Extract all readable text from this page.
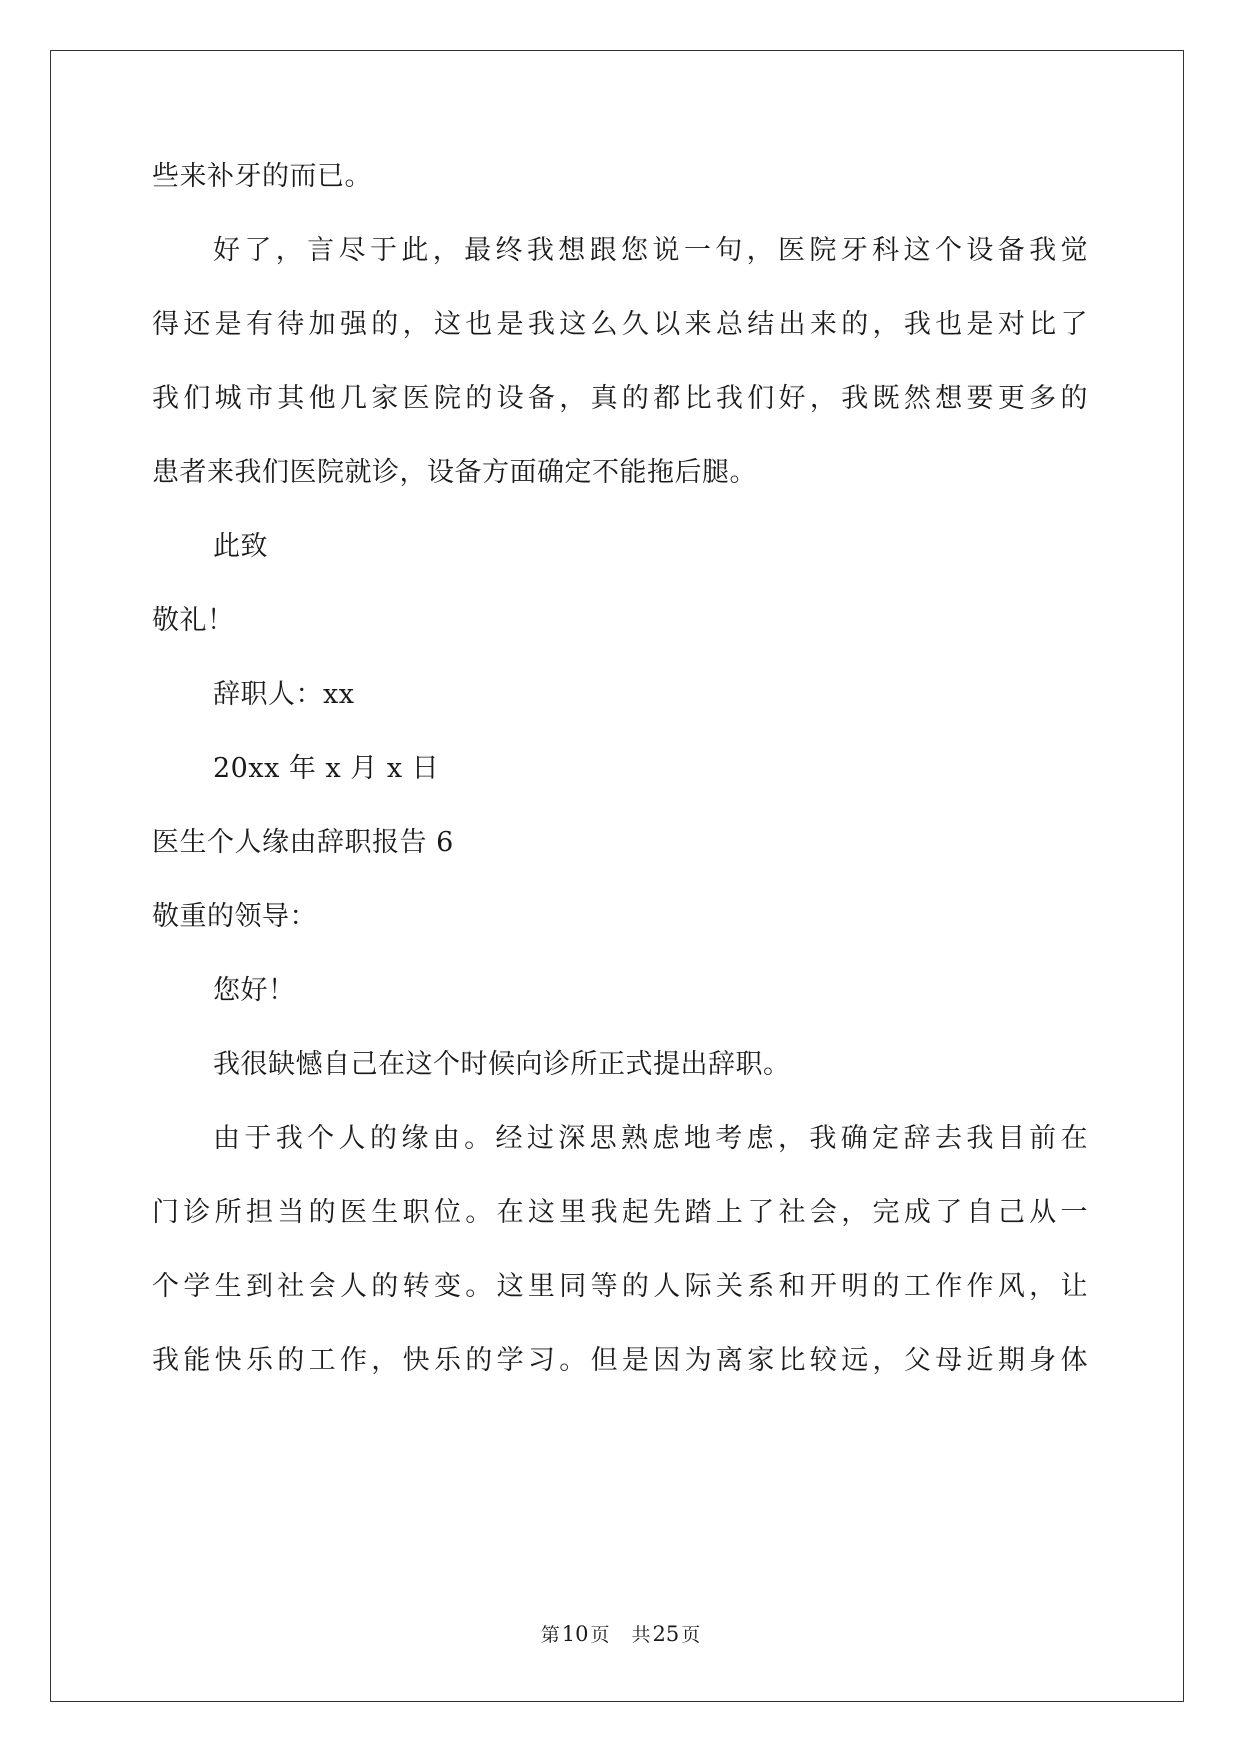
些来补牙的而已。
好了，言尽于此，最终我想跟您说一句，医院牙科这个设备我觉
得还是有待加强的，这也是我这么久以来总结出来的，我也是对比了
我们城市其他几家医院的设备，真的都比我们好，我既然想要更多的
患者来我们医院就诊，设备方面确定不能拖后腿。
此致
敬礼！
辞职人：xx
20xx 年 x 月 x 日
医生个人缘由辞职报告 6
敬重的领导：
您好！
我很缺憾自己在这个时候向诊所正式提出辞职。
由于我个人的缘由。经过深思熟虑地考虑，我确定辞去我目前在
门诊所担当的医生职位。在这里我起先踏上了社会，完成了自己从一
个学生到社会人的转变。这里同等的人际关系和开明的工作作风，让
我能快乐的工作，快乐的学习。但是因为离家比较远，父母近期身体
第10 页 共25 页
